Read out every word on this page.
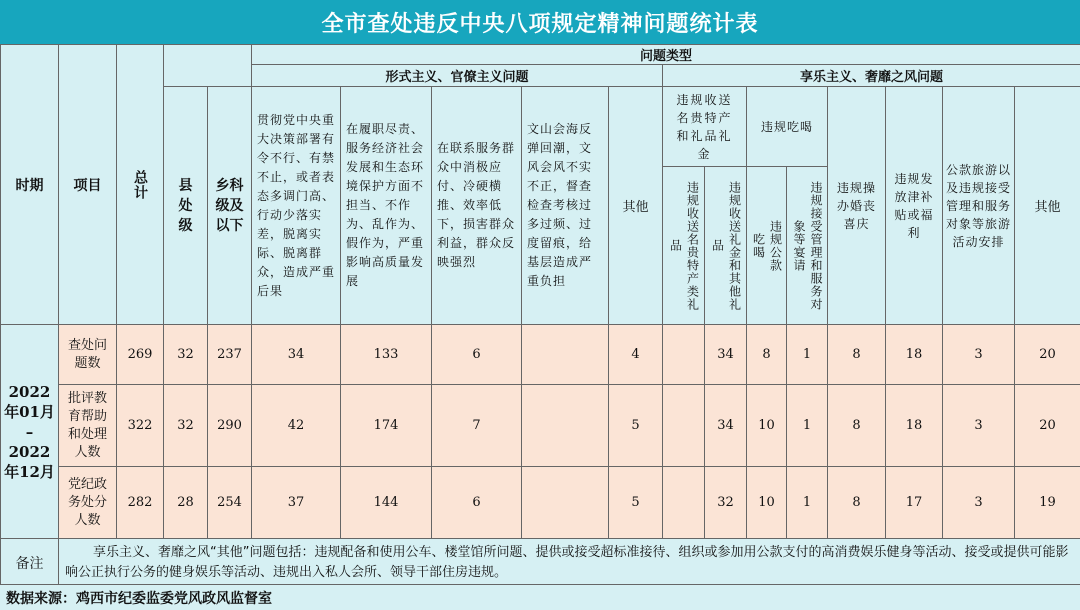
全市查处违反中央八项规定精神问题统计表
时期	项目	总计			问题类型												
					形式主义、官僚主义问题					享乐主义、奢靡之风问题							

			县处级	乡科级及以下	贯彻党中央重大决策部署有令不行、有禁不止，或者表态多调门高、行动少落实差，脱离实际、脱离群众，造成严重后果	在履职尽责、服务经济社会发展和生态环境保护方面不担当、不作为、乱作为、假作为，严重影响高质量发展	在联系服务群众中消极应付、冷硬横推、效率低下，损害群众利益，群众反映强烈	文山会海反弹回潮，文风会风不实不正，督查检查考核过多过频、过度留痕，给基层造成严重负担	其他	违规收送名贵特产和礼品礼金		违规吃喝		违规操办婚丧喜庆	违规发放津补贴或福利	公款旅游以及违规接受管理和服务对象等旅游活动安排	其他

										违规收送名贵特产类礼品	违规收送礼金和其他礼品	违规公款吃喝	违规接受管理和服务对象等宴请				

2022
年01月
–
2022
年12月	查处问题数	269	32	237	34	133	6		4		34	8	1	8	18	3	20

	批评教育帮助和处理人数	322	32	290	42	174	7		5		34	10	1	8	18	3	20

	党纪政务处分人数	282	28	254	37	144	6		5		32	10	1	8	17	3	19
备注	享乐主义、奢靡之风“其他”问题包括：违规配备和使用公车、楼堂馆所问题、提供或接受超标准接待、组织或参加用公款支付的高消费娱乐健身等活动、接受或提供可能影响公正执行公务的健身娱乐等活动、违规出入私人会所、领导干部住房违规。																
数据来源：鸡西市纪委监委党风政风监督室
